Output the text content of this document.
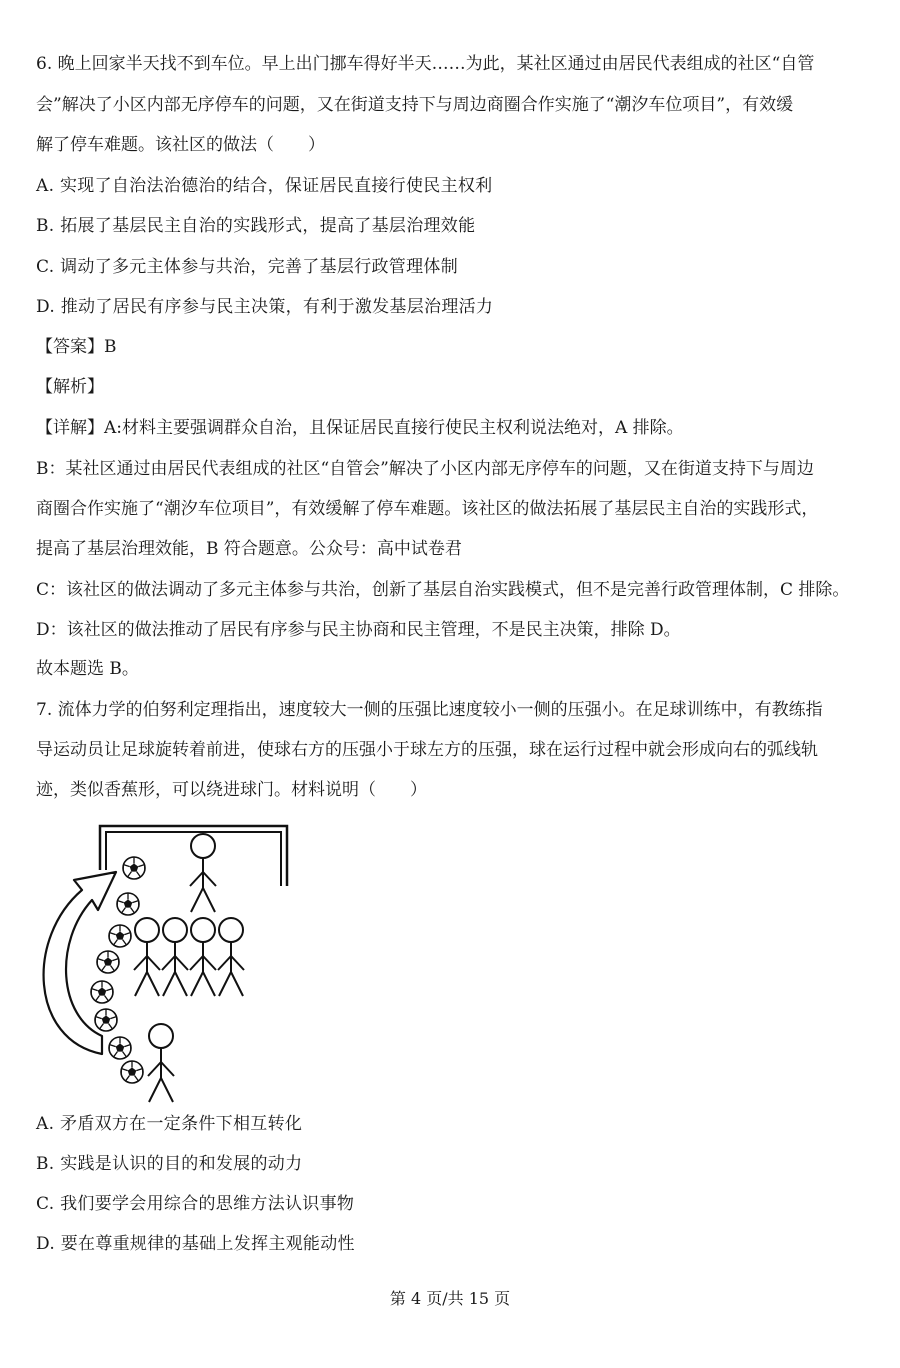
6. 晚上回家半天找不到车位。早上出门挪车得好半天……为此，某社区通过由居民代表组成的社区“自管
会”解决了小区内部无序停车的问题，又在街道支持下与周边商圈合作实施了“潮汐车位项目”，有效缓
解了停车难题。该社区的做法（　　）
A. 实现了自治法治德治的结合，保证居民直接行使民主权利
B. 拓展了基层民主自治的实践形式，提高了基层治理效能
C. 调动了多元主体参与共治，完善了基层行政管理体制
D. 推动了居民有序参与民主决策，有利于激发基层治理活力
【答案】B
【解析】
【详解】A:材料主要强调群众自治，且保证居民直接行使民主权利说法绝对，A 排除。
B：某社区通过由居民代表组成的社区“自管会”解决了小区内部无序停车的问题，又在街道支持下与周边
商圈合作实施了“潮汐车位项目”，有效缓解了停车难题。该社区的做法拓展了基层民主自治的实践形式，
提高了基层治理效能，B 符合题意。公众号：高中试卷君
C：该社区的做法调动了多元主体参与共治，创新了基层自治实践模式，但不是完善行政管理体制，C 排除。
D：该社区的做法推动了居民有序参与民主协商和民主管理，不是民主决策，排除 D。
故本题选 B。
7. 流体力学的伯努利定理指出，速度较大一侧的压强比速度较小一侧的压强小。在足球训练中，有教练指
导运动员让足球旋转着前进，使球右方的压强小于球左方的压强，球在运行过程中就会形成向右的弧线轨
迹，类似香蕉形，可以绕进球门。材料说明（　　）
A. 矛盾双方在一定条件下相互转化
B. 实践是认识的目的和发展的动力
C. 我们要学会用综合的思维方法认识事物
D. 要在尊重规律的基础上发挥主观能动性
第 4 页/共 15 页
